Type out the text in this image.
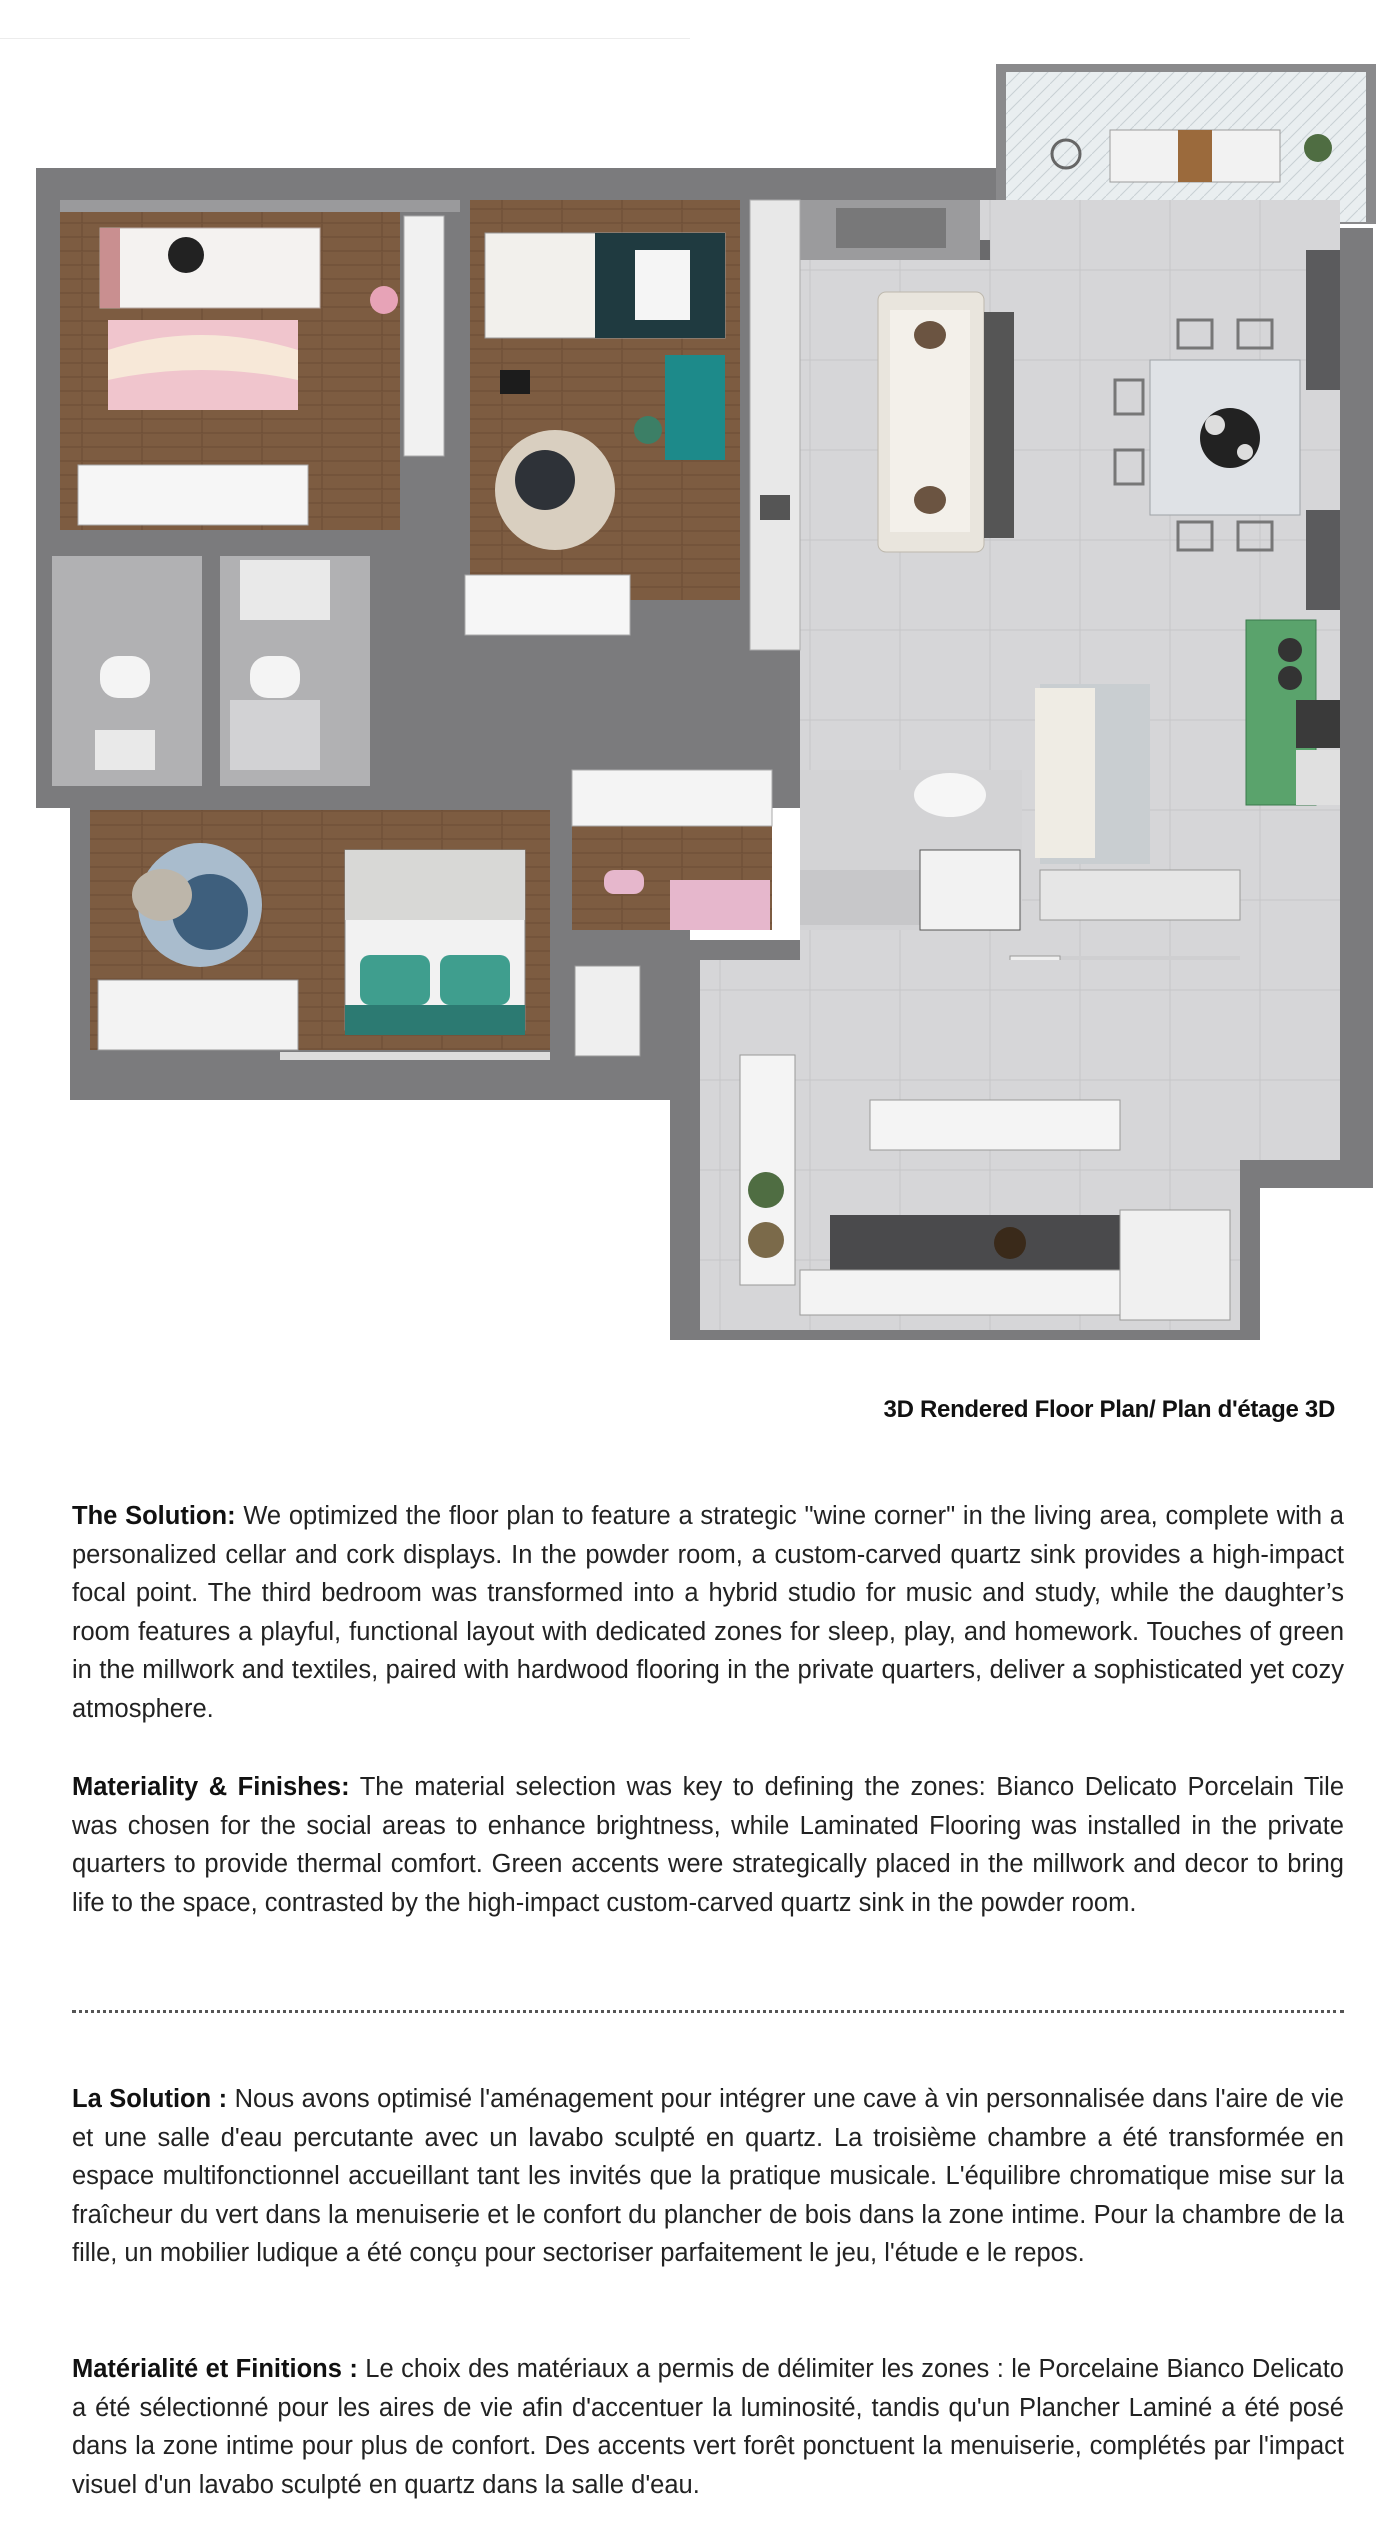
3D Rendered Floor Plan/ Plan d'étage 3D
The Solution: We optimized the floor plan to feature a strategic "wine corner" in the living area, complete with a personalized cellar and cork displays. In the powder room, a custom-carved quartz sink provides a high-impact focal point. The third bedroom was transformed into a hybrid studio for music and study, while the daughter’s room features a playful, functional layout with dedicated zones for sleep, play, and homework. Touches of green in the millwork and textiles, paired with hardwood flooring in the private quarters, deliver a sophisticated yet cozy atmosphere.
Materiality & Finishes: The material selection was key to defining the zones: Bianco Delicato Porcelain Tile was chosen for the social areas to enhance brightness, while Laminated Flooring was installed in the private quarters to provide thermal comfort. Green accents were strategically placed in the millwork and decor to bring life to the space, contrasted by the high-impact custom-carved quartz sink in the powder room.
La Solution : Nous avons optimisé l'aménagement pour intégrer une cave à vin personnalisée dans l'aire de vie et une salle d'eau percutante avec un lavabo sculpté en quartz. La troisième chambre a été transformée en espace multifonctionnel accueillant tant les invités que la pratique musicale. L'équilibre chromatique mise sur la fraîcheur du vert dans la menuiserie et le confort du plancher de bois dans la zone intime. Pour la chambre de la fille, un mobilier ludique a été conçu pour sectoriser parfaitement le jeu, l'étude e le repos.
Matérialité et Finitions : Le choix des matériaux a permis de délimiter les zones : le Porcelaine Bianco Delicato a été sélectionné pour les aires de vie afin d'accentuer la luminosité, tandis qu'un Plancher Laminé a été posé dans la zone intime pour plus de confort. Des accents vert forêt ponctuent la menuiserie, complétés par l'impact visuel d'un lavabo sculpté en quartz dans la salle d'eau.
